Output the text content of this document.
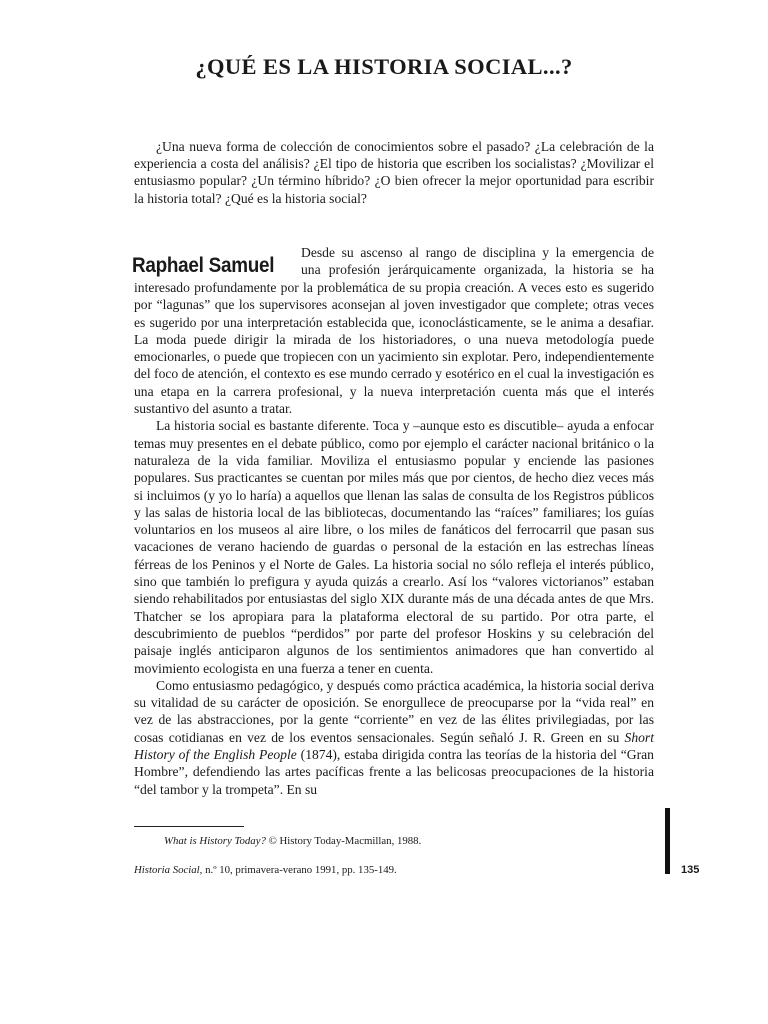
¿QUÉ ES LA HISTORIA SOCIAL...?
¿Una nueva forma de colección de conocimientos sobre el pasado? ¿La celebración de la experiencia a costa del análisis? ¿El tipo de historia que escriben los socialistas? ¿Movilizar el entusiasmo popular? ¿Un término híbrido? ¿O bien ofrecer la mejor oportunidad para escribir la historia total? ¿Qué es la historia social?
Raphael Samuel
Desde su ascenso al rango de disciplina y la emergencia de
una profesión jerárquicamente organizada, la historia se ha

interesado profundamente por la problemática de su propia creación. A veces esto es sugerido por “lagunas” que los supervisores aconsejan al joven investigador que complete; otras veces es sugerido por una interpretación establecida que, iconoclásticamente, se le anima a desafiar. La moda puede dirigir la mirada de los historiadores, o una nueva metodología puede emocionarles, o puede que tropiecen con un yacimiento sin explotar. Pero, independientemente del foco de atención, el contexto es ese mundo cerrado y esotérico en el cual la investigación es una etapa en la carrera profesional, y la nueva interpretación cuenta más que el interés sustantivo del asunto a tratar.

La historia social es bastante diferente. Toca y –aunque esto es discutible– ayuda a enfocar temas muy presentes en el debate público, como por ejemplo el carácter nacional británico o la naturaleza de la vida familiar. Moviliza el entusiasmo popular y enciende las pasiones populares. Sus practicantes se cuentan por miles más que por cientos, de hecho diez veces más si incluimos (y yo lo haría) a aquellos que llenan las salas de consulta de los Registros públicos y las salas de historia local de las bibliotecas, documentando las “raíces” familiares; los guías voluntarios en los museos al aire libre, o los miles de fanáticos del ferrocarril que pasan sus vacaciones de verano haciendo de guardas o personal de la estación en las estrechas líneas férreas de los Peninos y el Norte de Gales. La historia social no sólo refleja el interés público, sino que también lo prefigura y ayuda quizás a crearlo. Así los “valores victorianos” estaban siendo rehabilitados por entusiastas del siglo XIX durante más de una década antes de que Mrs. Thatcher se los apropiara para la plataforma electoral de su partido. Por otra parte, el descubrimiento de pueblos “perdidos” por parte del profesor Hoskins y su celebración del paisaje inglés anticiparon algunos de los sentimientos animadores que han convertido al movimiento ecologista en una fuerza a tener en cuenta.

Como entusiasmo pedagógico, y después como práctica académica, la historia social deriva su vitalidad de su carácter de oposición. Se enorgullece de preocuparse por la “vida real” en vez de las abstracciones, por la gente “corriente” en vez de las élites privilegiadas, por las cosas cotidianas en vez de los eventos sensacionales. Según señaló J. R. Green en su Short History of the English People (1874), estaba dirigida contra las teorías de la historia del “Gran Hombre”, defendiendo las artes pacíficas frente a las belicosas preocupaciones de la historia “del tambor y la trompeta”. En su

What is History Today? © History Today-Macmillan, 1988.
Historia Social, n.º 10, primavera-verano 1991, pp. 135-149.	135
